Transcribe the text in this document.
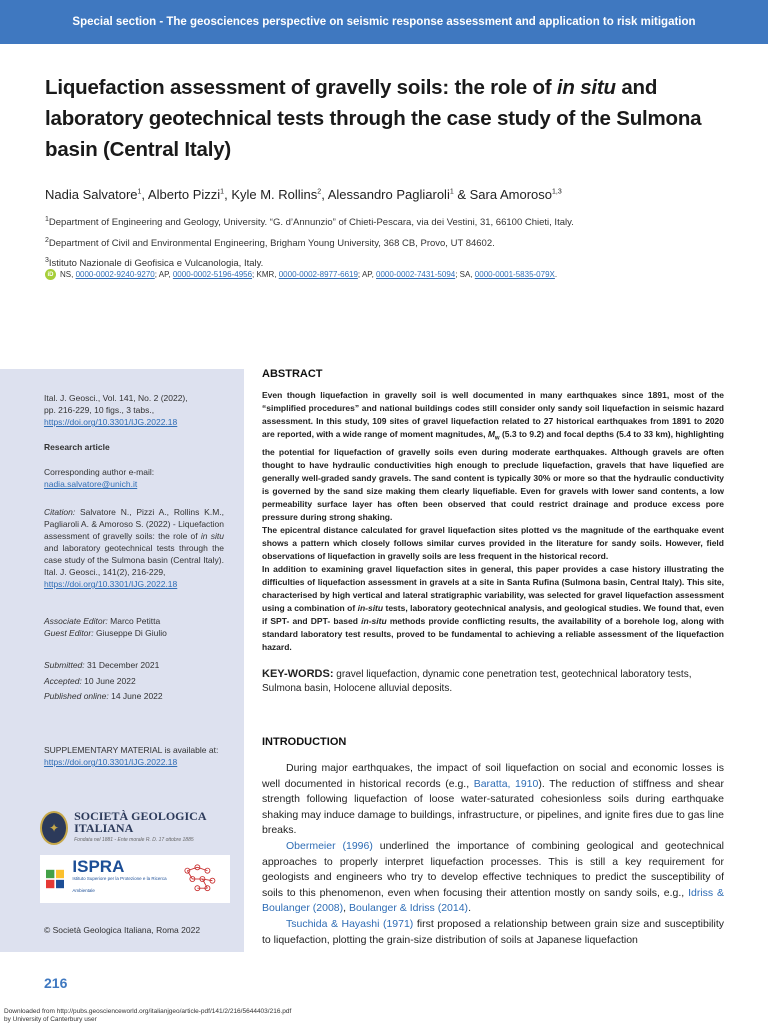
Special section - The geosciences perspective on seismic response assessment and application to risk mitigation
Liquefaction assessment of gravelly soils: the role of in situ and laboratory geotechnical tests through the case study of the Sulmona basin (Central Italy)
Nadia Salvatore$^1$, Alberto Pizzi$^1$, Kyle M. Rollins$^2$, Alessandro Pagliaroli$^1$ & Sara Amoroso$^{1,3}$
$^1$Department of Engineering and Geology, University. “G. d’Annunzio” of Chieti-Pescara, via dei Vestini, 31, 66100 Chieti, Italy.
$^2$Department of Civil and Environmental Engineering, Brigham Young University, 368 CB, Provo, UT 84602.
$^3$Istituto Nazionale di Geofisica e Vulcanologia, Italy.
iD NS, 0000-0002-9240-9270; AP, 0000-0002-5196-4956; KMR, 0000-0002-8977-6619; AP, 0000-0002-7431-5094; SA, 0000-0001-5835-079X.
Ital. J. Geosci., Vol. 141, No. 2 (2022),
pp. 216-229, 10 figs., 3 tabs.,
https://doi.org/10.3301/IJG.2022.18
Research article
Corresponding author e-mail:
nadia.salvatore@unich.it
Citation: Salvatore N., Pizzi A., Rollins K.M., Pagliaroli A. & Amoroso S. (2022) - Liquefaction assessment of gravelly soils: the role of in situ and laboratory geotechnical tests through the case study of the Sulmona basin (Central Italy). Ital. J. Geosci., 141(2), 216-229,
https://doi.org/10.3301/IJG.2022.18
Associate Editor: Marco Petitta
Guest Editor: Giuseppe Di Giulio
Submitted: 31 December 2021
Accepted: 10 June 2022
Published online: 14 June 2022
SUPPLEMENTARY MATERIAL is available at:
https://doi.org/10.3301/IJG.2022.18
✦
SOCIETÀ GEOLOGICA ITALIANA
Fondata nel 1881 - Ente morale R. D. 17 ottobre 1885
ISPRA
Istituto Superiore per la Protezione e la Ricerca Ambientale
© Società Geologica Italiana, Roma 2022
ABSTRACT

Even though liquefaction in gravelly soil is well documented in many earthquakes since 1891, most of the “simplified procedures” and national buildings codes still consider only sandy soil liquefaction in seismic hazard assessment. In this study, 109 sites of gravel liquefaction related to 27 historical earthquakes from 1891 to 2020 are reported, with a wide range of moment magnitudes, $M_w$ (5.3 to 9.2) and focal depths (5.4 to 33 km), highlighting the potential for liquefaction of gravelly soils even during moderate earthquakes. Although gravels are often thought to have hydraulic conductivities high enough to preclude liquefaction, gravels that have liquefied are generally well-graded sandy gravels. The sand content is typically 30% or more so that the hydraulic conductivity is governed by the sand size making them clearly liquefiable. Even for gravels with lower sand contents, a low permeability surface layer has often been observed that could restrict drainage and produce excess pore pressure during strong shaking.

The epicentral distance calculated for gravel liquefaction sites plotted vs the magnitude of the earthquake event shows a pattern which closely follows similar curves provided in the literature for sandy soils. However, field observations of liquefaction in gravelly soils are less frequent in the historical record.

In addition to examining gravel liquefaction sites in general, this paper provides a case history illustrating the difficulties of liquefaction assessment in gravels at a site in Santa Rufina (Sulmona basin, Central Italy). This site, characterised by high vertical and lateral stratigraphic variability, was selected for gravel liquefaction assessment using a combination of in-situ tests, laboratory geotechnical analysis, and geological studies. We found that, even if SPT- and DPT- based in-situ methods provide conflicting results, the availability of a borehole log, along with standard laboratory test results, proved to be fundamental to achieving a reliable assessment of the liquefaction hazard.

KEY-WORDS: gravel liquefaction, dynamic cone penetration test, geotechnical laboratory tests, Sulmona basin, Holocene alluvial deposits.
INTRODUCTION

During major earthquakes, the impact of soil liquefaction on social and economic losses is well documented in historical records (e.g., Baratta, 1910). The reduction of stiffness and shear strength following liquefaction of loose water-saturated cohesionless soils during earthquake shaking may induce damage to buildings, infrastructure, or pipelines, and ignite fires due to gas line breaks.

Obermeier (1996) underlined the importance of combining geological and geotechnical approaches to properly interpret liquefaction processes. This is still a key requirement for geologists and engineers who try to develop effective techniques to predict the susceptibility of soils to this phenomenon, even when focusing their attention mostly on sandy soils, e.g., Idriss & Boulanger (2008), Boulanger & Idriss (2014).

Tsuchida & Hayashi (1971) first proposed a relationship between grain size and susceptibility to liquefaction, plotting the grain-size distribution of soils at Japanese liquefaction

216
Downloaded from http://pubs.geoscienceworld.org/italianjgeo/article-pdf/141/2/216/5644403/216.pdf
by University of Canterbury user
